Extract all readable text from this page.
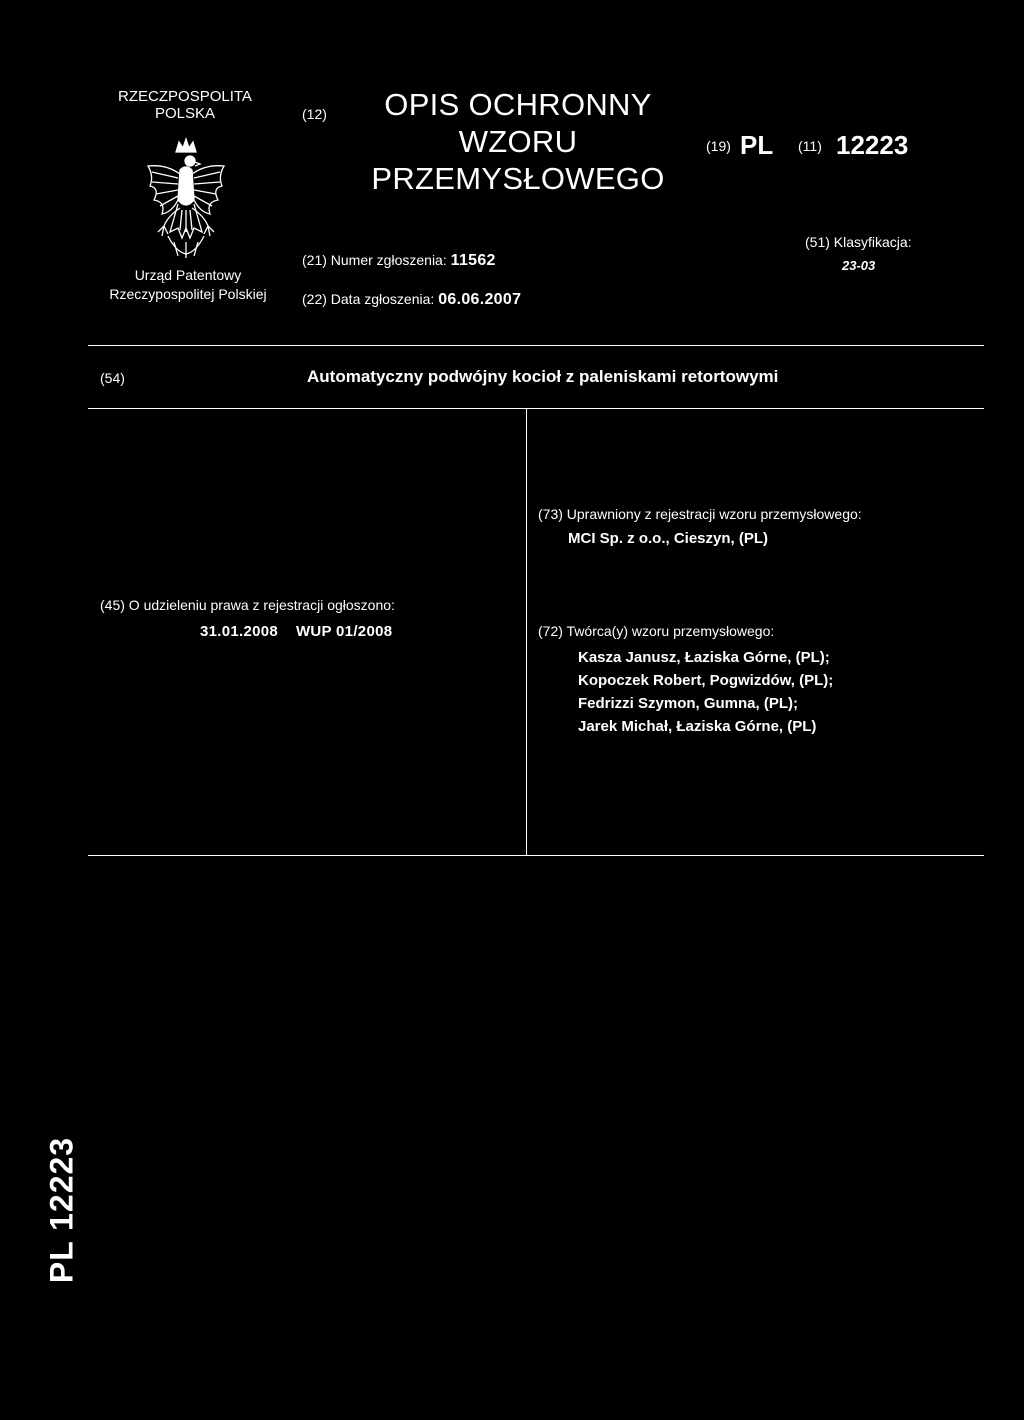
RZECZPOSPOLITA
POLSKA
Urząd Patentowy
Rzeczypospolitej Polskiej
(12)	OPIS OCHRONNY
WZORU
PRZEMYSŁOWEGO
(19) PL (11) 12223
(21) Numer zgłoszenia: 11562
(22) Data zgłoszenia: 06.06.2007
(51) Klasyfikacja:
23-03
(54)	Automatyczny podwójny kocioł z paleniskami retortowymi
(73) Uprawniony z rejestracji wzoru przemysłowego:
MCI Sp. z o.o., Cieszyn, (PL)
(45) O udzieleniu prawa z rejestracji ogłoszono:
31.01.2008 WUP 01/2008	(72) Twórca(y) wzoru przemysłowego:
Kasza Janusz, Łaziska Górne, (PL);
Kopoczek Robert, Pogwizdów, (PL);
Fedrizzi Szymon, Gumna, (PL);
Jarek Michał, Łaziska Górne, (PL)
PL 12223
